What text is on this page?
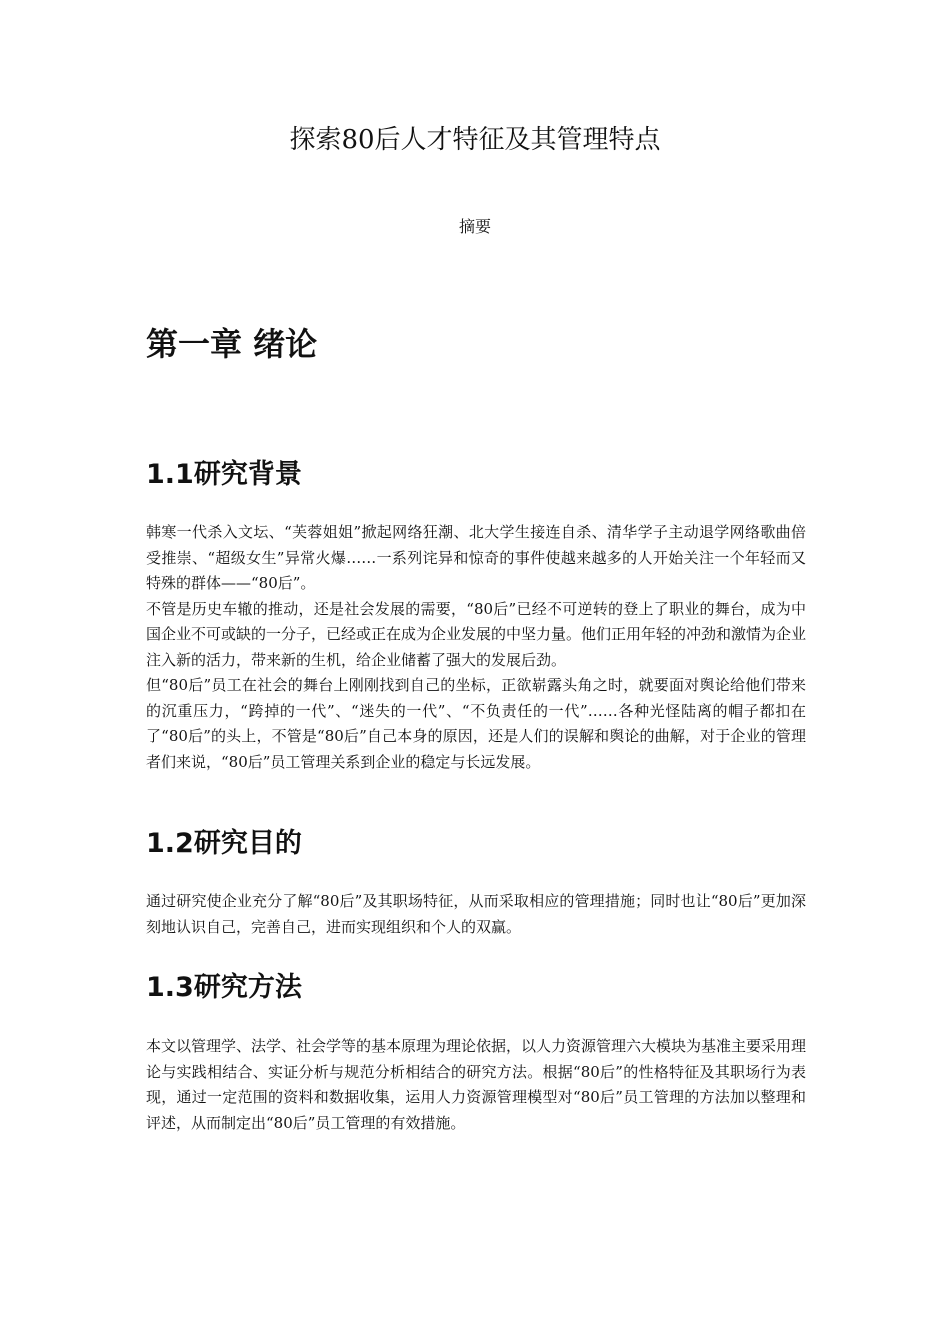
探索80后人才特征及其管理特点
摘要
第一章 绪论
1.1研究背景

韩寒一代杀入文坛、“芙蓉姐姐”掀起网络狂潮、北大学生接连自杀、清华学子主动退学网络歌曲倍受推崇、“超级女生”异常火爆……一系列诧异和惊奇的事件使越来越多的人开始关注一个年轻而又特殊的群体——“80后”。

不管是历史车辙的推动，还是社会发展的需要，“80后”已经不可逆转的登上了职业的舞台，成为中国企业不可或缺的一分子，已经或正在成为企业发展的中坚力量。他们正用年轻的冲劲和激情为企业注入新的活力，带来新的生机，给企业储蓄了强大的发展后劲。

但“80后”员工在社会的舞台上刚刚找到自己的坐标，正欲崭露头角之时，就要面对舆论给他们带来的沉重压力，“跨掉的一代”、“迷失的一代”、“不负责任的一代”……各种光怪陆离的帽子都扣在了“80后”的头上，不管是“80后”自己本身的原因，还是人们的误解和舆论的曲解，对于企业的管理者们来说，“80后”员工管理关系到企业的稳定与长远发展。

1.2研究目的

通过研究使企业充分了解“80后”及其职场特征，从而采取相应的管理措施；同时也让“80后”更加深刻地认识自己，完善自己，进而实现组织和个人的双赢。

1.3研究方法

本文以管理学、法学、社会学等的基本原理为理论依据，以人力资源管理六大模块为基准主要采用理论与实践相结合、实证分析与规范分析相结合的研究方法。根据“80后”的性格特征及其职场行为表现，通过一定范围的资料和数据收集，运用人力资源管理模型对“80后”员工管理的方法加以整理和评述，从而制定出“80后”员工管理的有效措施。
